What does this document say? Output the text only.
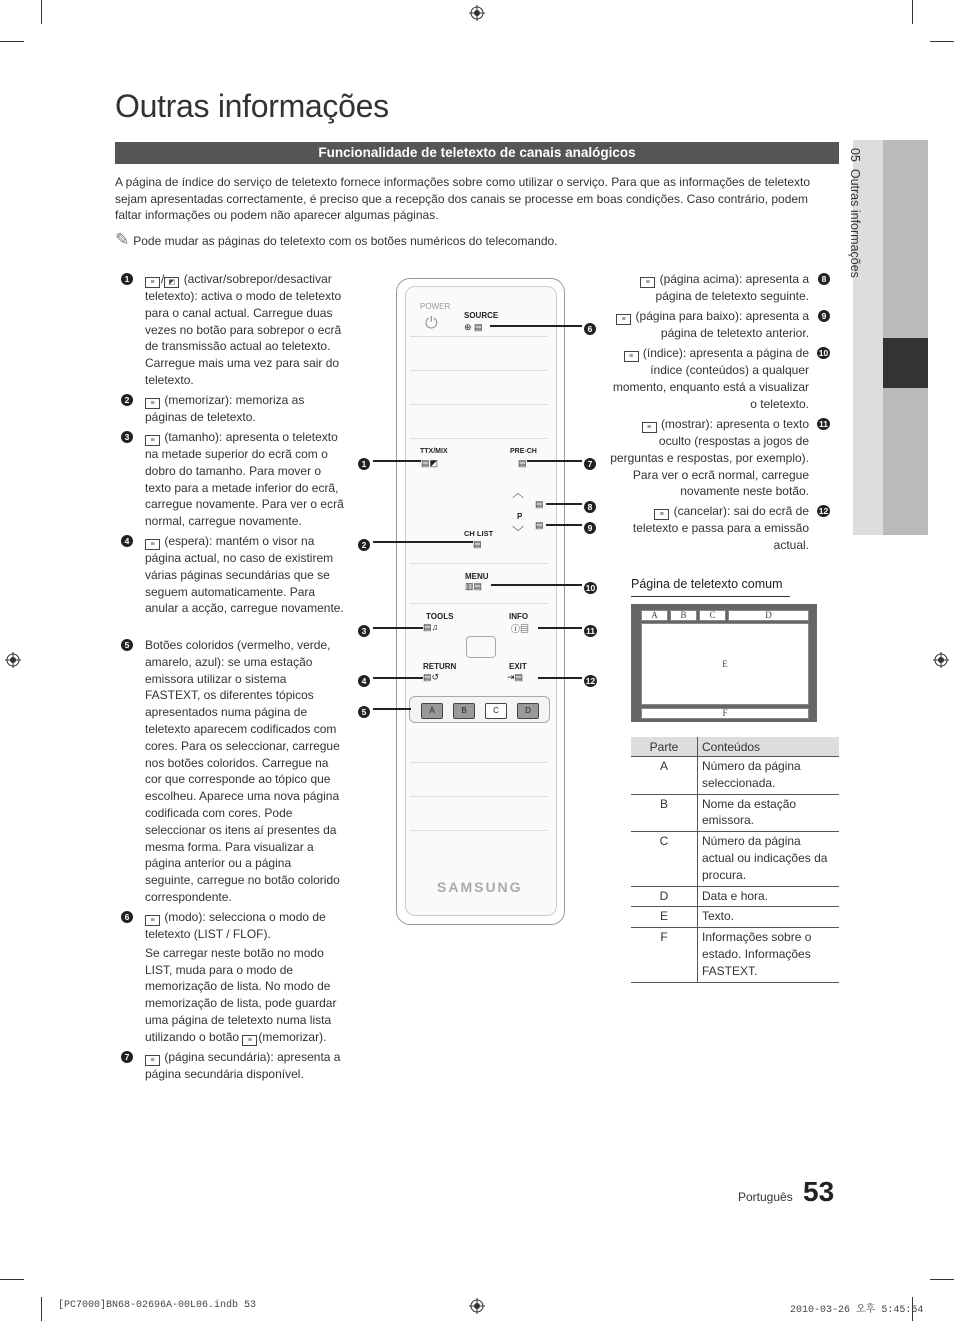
05  Outras informações
Outras informações
Funcionalidade de teletexto de canais analógicos
A página de índice do serviço de teletexto fornece informações sobre como utilizar o serviço. Para que as informações de teletexto sejam apresentadas correctamente, é preciso que a recepção dos canais se processe em boas condições. Caso contrário, podem faltar informações ou podem não aparecer algumas páginas.
✎ Pode mudar as páginas do teletexto com os botões numéricos do telecomando.
1	≡ / ◩ (activar/sobrepor/desactivar teletexto): activa o modo de teletexto para o canal actual. Carregue duas vezes no botão para sobrepor o ecrã de transmissão actual ao teletexto. Carregue mais uma vez para sair do teletexto.
2	≡ (memorizar): memoriza as páginas de teletexto.
3	≡ (tamanho): apresenta o teletexto na metade superior do ecrã com o dobro do tamanho. Para mover o texto para a metade inferior do ecrã, carregue novamente. Para ver o ecrã normal, carregue novamente.
4	≡ (espera): mantém o visor na página actual, no caso de existirem várias páginas secundárias que se seguem automaticamente. Para anular a acção, carregue novamente.
5	Botões coloridos (vermelho, verde, amarelo, azul): se uma estação emissora utilizar o sistema FASTEXT, os diferentes tópicos apresentados numa página de teletexto aparecem codificados com cores. Para os seleccionar, carregue nos botões coloridos. Carregue na cor que corresponde ao tópico que escolheu. Aparece uma nova página codificada com cores. Pode seleccionar os itens aí presentes da mesma forma. Para visualizar a página anterior ou a página seguinte, carregue no botão colorido correspondente.
6	≡ (modo): selecciona o modo de teletexto (LIST / FLOF).
Se carregar neste botão no modo LIST, muda para o modo de memorização de lista. No modo de memorização de lista, pode guardar uma página de teletexto numa lista utilizando o botão ≡ (memorizar).
7	≡ (página secundária): apresenta a página secundária disponível.
8
≡ (página acima): apresenta a página de teletexto seguinte.
9
≡ (página para baixo): apresenta a página de teletexto anterior.
10
≡ (índice): apresenta a página de índice (conteúdos) a qualquer momento, enquanto está a visualizar o teletexto.
11
≡ (mostrar): apresenta o texto oculto (respostas a jogos de perguntas e respostas, por exemplo). Para ver o ecrã normal, carregue novamente neste botão.
12
≡ (cancelar): sai do ecrã de teletexto e passa para a emissão actual.
POWER
⏻	SOURCE
⊕ ▤
TTX/MIX
▤◩
PRE-CH
▤
︿
P
﹀
▤
▤
CH LIST
▤
MENU
▥▤
TOOLS
▤♫
INFO
ⓘ▤
RETURN
▤↺
EXIT
⇥▤
A	B	C	D
SAMSUNG
1
2
3
4
5
6
7
8
9
10
11
12
Página de teletexto comum
A	B	C	D
E
F
Parte	Conteúdos
A	Número da página seleccionada.
B	Nome da estação emissora.
C	Número da página actual ou indicações da procura.
D	Data e hora.
E	Texto.
F	Informações sobre o estado. Informações FASTEXT.
Português 53
[PC7000]BN68-02696A-00L06.indb 53	2010-03-26 오후 5:45:54
